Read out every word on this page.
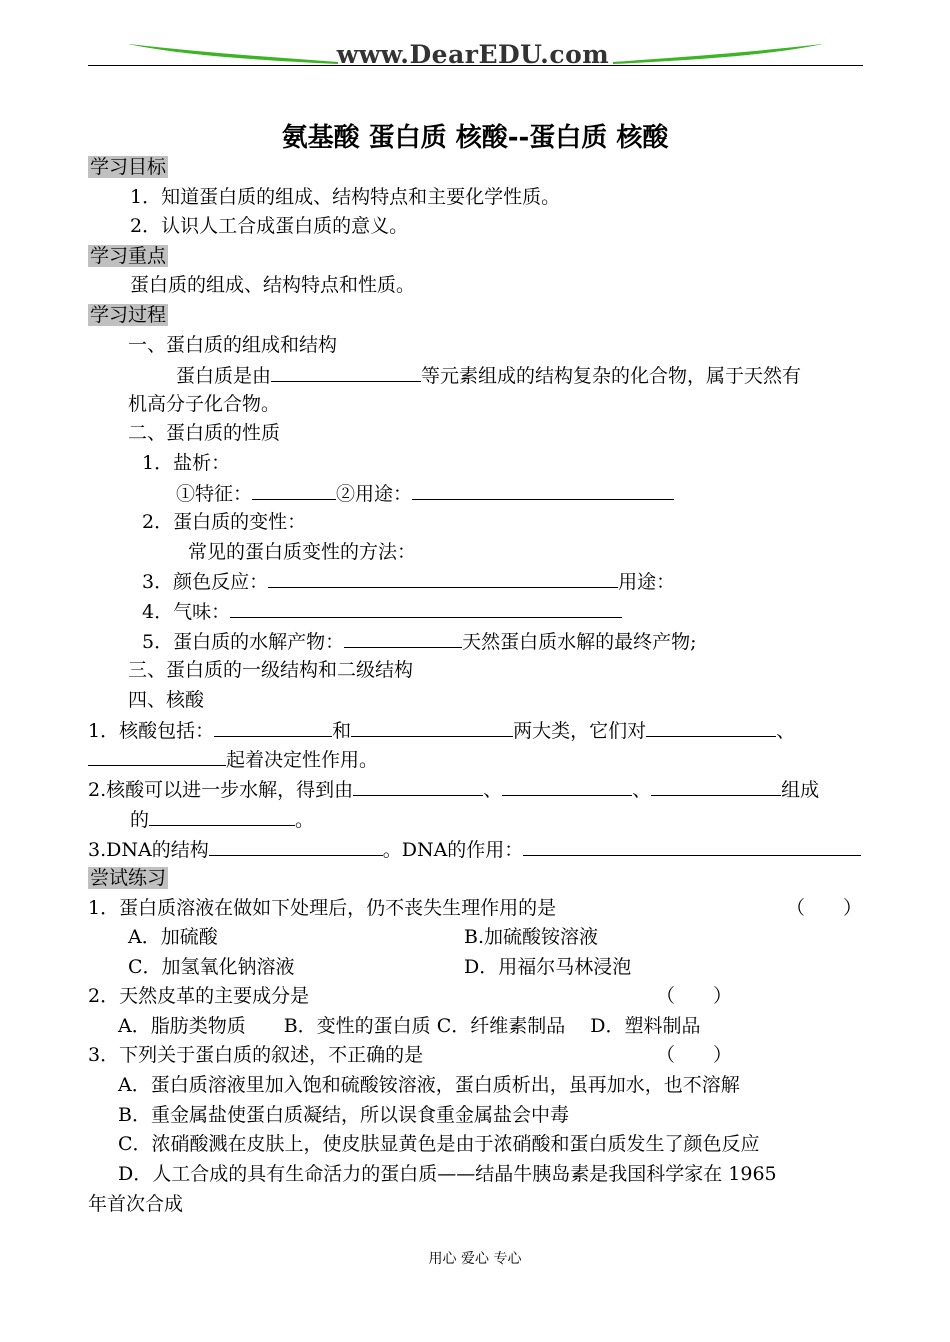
www.DearEDU.com
氨基酸 蛋白质 核酸--蛋白质 核酸
学习目标
1．知道蛋白质的组成、结构特点和主要化学性质。
2．认识人工合成蛋白质的意义。
学习重点
蛋白质的组成、结构特点和性质。
学习过程
一、蛋白质的组成和结构
蛋白质是由	等元素组成的结构复杂的化合物，属于天然有
机高分子化合物。
二、蛋白质的性质
1．盐析：
①特征：	②用途：
2．蛋白质的变性：
常见的蛋白质变性的方法：
3．颜色反应：	用途：
4．气味：
5．蛋白质的水解产物：	天然蛋白质水解的最终产物;
三、蛋白质的一级结构和二级结构
四、核酸
1．核酸包括：	和	两大类，它们对	、
起着决定性作用。
2.核酸可以进一步水解，得到由	、	、	组成
的	。
3.DNA的结构	。DNA的作用：
尝试练习
1．蛋白质溶液在做如下处理后，仍不丧失生理作用的是	（　　）
A．加硫酸	B.加硫酸铵溶液
C．加氢氧化钠溶液	D．用福尔马林浸泡
2．天然皮革的主要成分是	（　　）
A．脂肪类物质　　B．变性的蛋白质 C．纤维素制品　 D．塑料制品
3．下列关于蛋白质的叙述，不正确的是	（　　）
A．蛋白质溶液里加入饱和硫酸铵溶液，蛋白质析出，虽再加水，也不溶解
B．重金属盐使蛋白质凝结，所以误食重金属盐会中毒
C．浓硝酸溅在皮肤上，使皮肤显黄色是由于浓硝酸和蛋白质发生了颜色反应
D．人工合成的具有生命活力的蛋白质——结晶牛胰岛素是我国科学家在 1965
年首次合成
用心 爱心 专心
